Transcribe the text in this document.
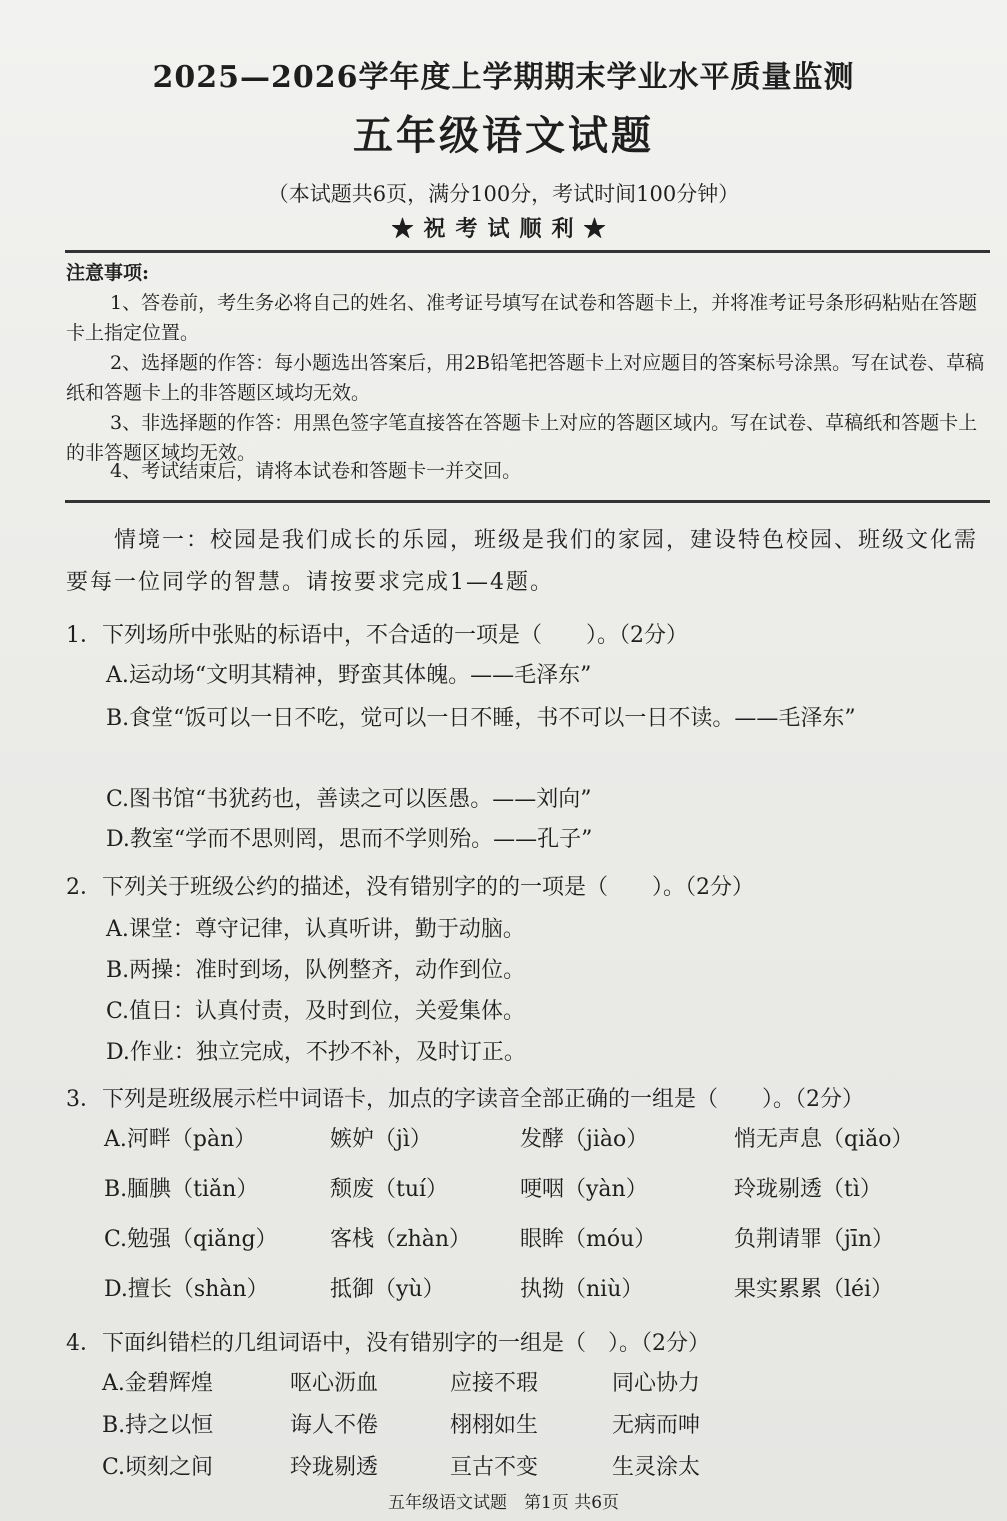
2025—2026学年度上学期期末学业水平质量监测
五年级语文试题
（本试题共6页，满分100分，考试时间100分钟）
★祝考试顺利★
注意事项:
1、答卷前，考生务必将自己的姓名、准考证号填写在试卷和答题卡上，并将准考证号条形码粘贴在答题卡上指定位置。
2、选择题的作答：每小题选出答案后，用2B铅笔把答题卡上对应题目的答案标号涂黑。写在试卷、草稿纸和答题卡上的非答题区域均无效。
3、非选择题的作答：用黑色签字笔直接答在答题卡上对应的答题区域内。写在试卷、草稿纸和答题卡上的非答题区域均无效。
4、考试结束后，请将本试卷和答题卡一并交回。
情境一：校园是我们成长的乐园，班级是我们的家园，建设特色校园、班级文化需要每一位同学的智慧。请按要求完成1—4题。
1．下列场所中张贴的标语中，不合适的一项是（　　）。（2分）
A.运动场“文明其精神，野蛮其体魄。——毛泽东”
B.食堂“饭可以一日不吃，觉可以一日不睡，书不可以一日不读。——毛泽东”
C.图书馆“书犹药也，善读之可以医愚。——刘向”
D.教室“学而不思则罔，思而不学则殆。——孔子”
2．下列关于班级公约的描述，没有错别字的的一项是（　　）。（2分）
A.课堂：尊守记律，认真听讲，勤于动脑。
B.两操：准时到场，队例整齐，动作到位。
C.值日：认真付责，及时到位，关爱集体。
D.作业：独立完成，不抄不补，及时订正。
3．下列是班级展示栏中词语卡，加点的字读音全部正确的一组是（　　）。（2分）
A.河畔（pàn）	嫉妒（jì）	发酵（jiào）	悄无声息（qiǎo）
B.腼腆（tiǎn）	颓废（tuí）	哽咽（yàn）	玲珑剔透（tì）
C.勉强（qiǎng） 客栈（zhàn） 眼眸（móu）	负荆请罪（jīn）
D.擅长（shàn）	抵御（yù）	执拗（niù）	果实累累（léi）
4．下面纠错栏的几组词语中，没有错别字的一组是（　）。（2分）
A.金碧辉煌	呕心沥血	应接不瑕	同心协力
B.持之以恒	诲人不倦	栩栩如生	无病而呻
C.顷刻之间	玲珑剔透	亘古不变	生灵涂太
五年级语文试题　第1页 共6页
